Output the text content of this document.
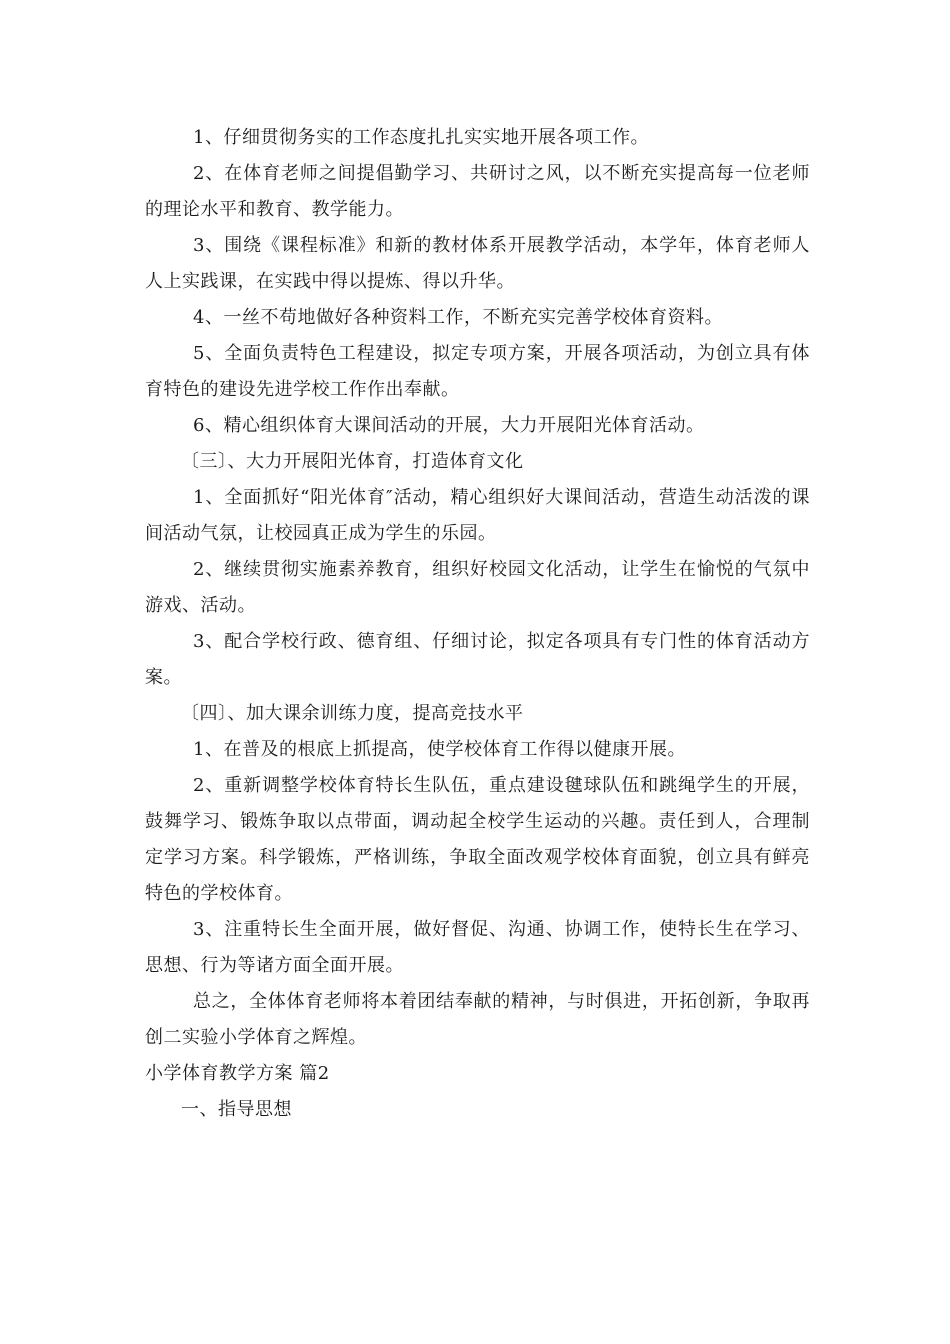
1、仔细贯彻务实的工作态度扎扎实实地开展各项工作。

2、在体育老师之间提倡勤学习、共研讨之风，以不断充实提高每一位老师的理论水平和教育、教学能力。

3、围绕《课程标准》和新的教材体系开展教学活动，本学年，体育老师人人上实践课，在实践中得以提炼、得以升华。

4、一丝不苟地做好各种资料工作，不断充实完善学校体育资料。

5、全面负责特色工程建设，拟定专项方案，开展各项活动，为创立具有体育特色的建设先进学校工作作出奉献。

6、精心组织体育大课间活动的开展，大力开展阳光体育活动。

〔三〕、大力开展阳光体育，打造体育文化

1、全面抓好“阳光体育″活动，精心组织好大课间活动，营造生动活泼的课间活动气氛，让校园真正成为学生的乐园。

2、继续贯彻实施素养教育，组织好校园文化活动，让学生在愉悦的气氛中游戏、活动。

3、配合学校行政、德育组、仔细讨论，拟定各项具有专门性的体育活动方案。

〔四〕、加大课余训练力度，提高竞技水平

1、在普及的根底上抓提高，使学校体育工作得以健康开展。

2、重新调整学校体育特长生队伍，重点建设毽球队伍和跳绳学生的开展，鼓舞学习、锻炼争取以点带面，调动起全校学生运动的兴趣。责任到人，合理制定学习方案。科学锻炼，严格训练，争取全面改观学校体育面貌，创立具有鲜亮特色的学校体育。

3、注重特长生全面开展，做好督促、沟通、协调工作，使特长生在学习、思想、行为等诸方面全面开展。

总之，全体体育老师将本着团结奉献的精神，与时俱进，开拓创新，争取再创二实验小学体育之辉煌。

小学体育教学方案 篇2

一、指导思想
